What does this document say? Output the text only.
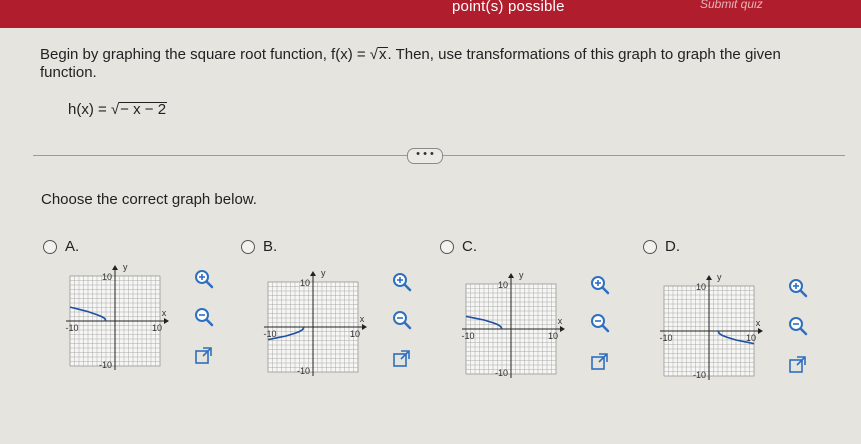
point(s) possible	Submit quiz
Begin by graphing the square root function, f(x) = √x. Then, use transformations of this graph to graph the given function.
h(x) = √− x − 2
• • •
Choose the correct graph below.
A.	B.	C.	D.
y
10
x
-10	10
-10
y
10
x
-10	10
-10
y
10
x
-10	10
-10
y
10
x
-10	10
-10
